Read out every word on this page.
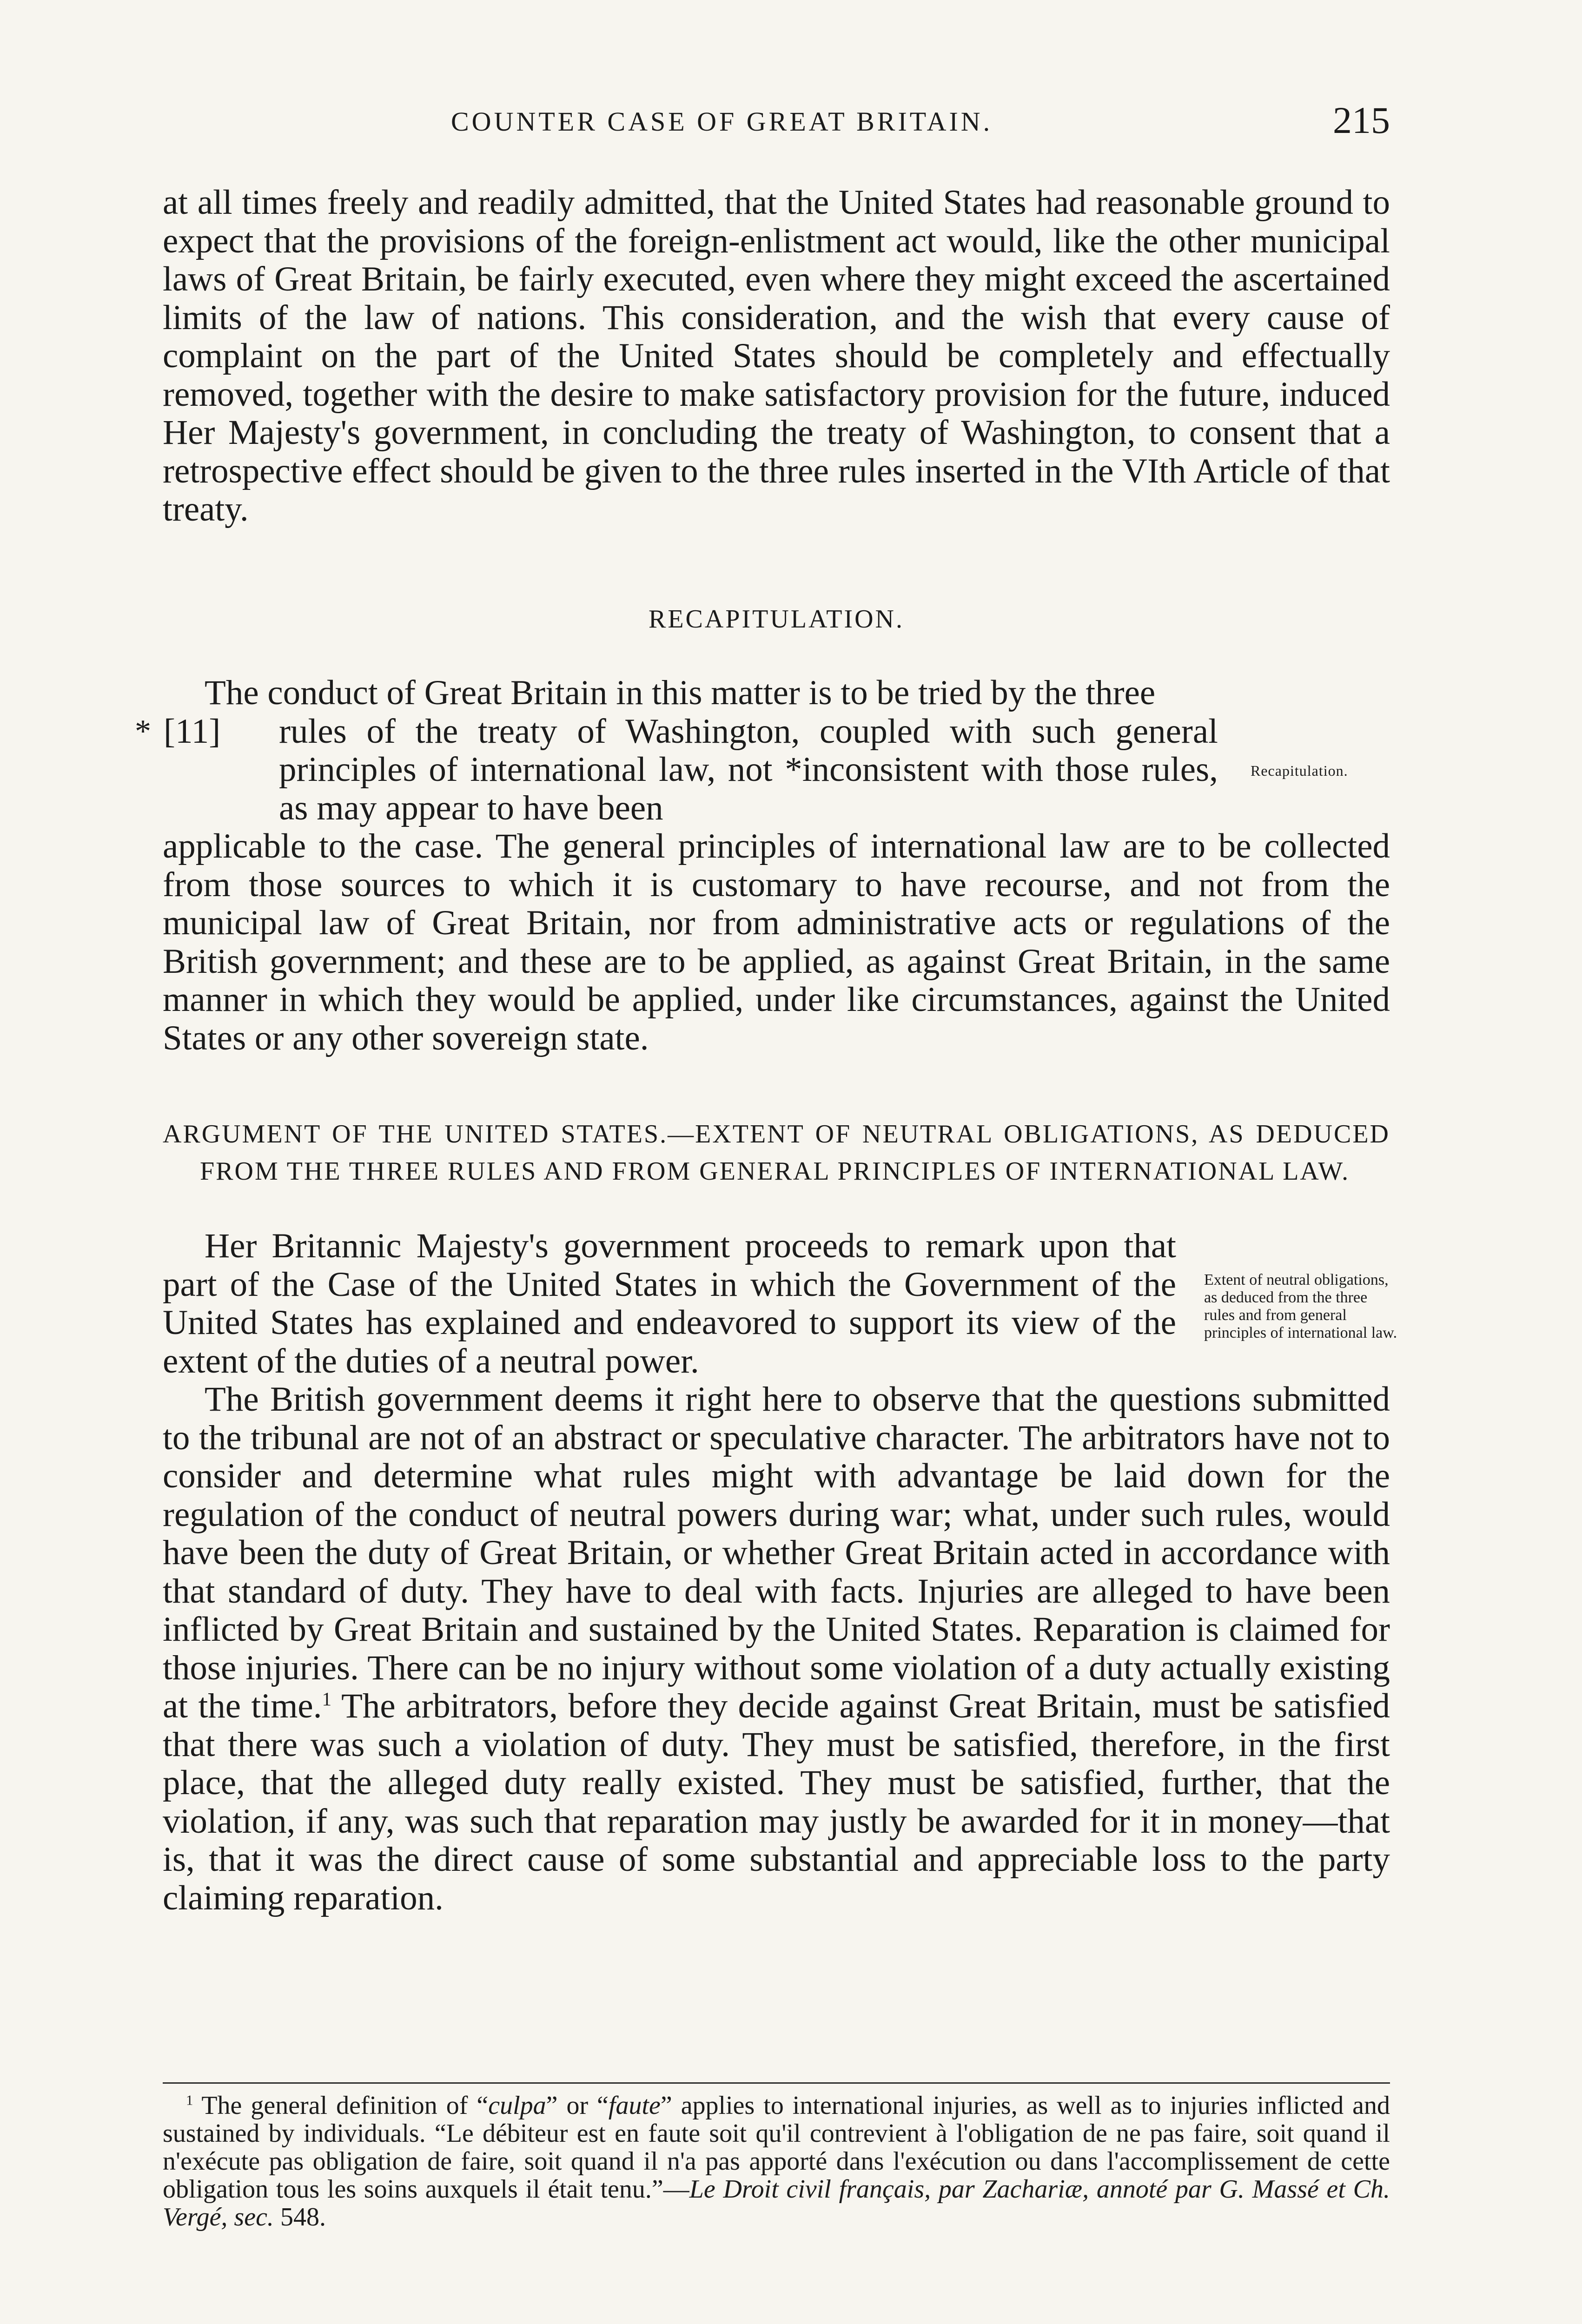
COUNTER CASE OF GREAT BRITAIN.	215

at all times freely and readily admitted, that the United States had reasonable ground to expect that the provisions of the foreign-enlistment act would, like the other municipal laws of Great Britain, be fairly executed, even where they might exceed the ascertained limits of the law of nations. This consideration, and the wish that every cause of complaint on the part of the United States should be completely and effectually removed, together with the desire to make satisfactory provision for the future, induced Her Majesty's government, in concluding the treaty of Washington, to consent that a retrospective effect should be given to the three rules inserted in the VIth Article of that treaty.

RECAPITULATION.
Recapitulation.

The conduct of Great Britain in this matter is to be tried by the three

* [11] rules of the treaty of Washington, coupled with such general principles of international law, not *inconsistent with those rules, as may appear to have been

applicable to the case. The general principles of international law are to be collected from those sources to which it is customary to have recourse, and not from the municipal law of Great Britain, nor from administrative acts or regulations of the British government; and these are to be applied, as against Great Britain, in the same manner in which they would be applied, under like circumstances, against the United States or any other sovereign state.

ARGUMENT OF THE UNITED STATES.—EXTENT OF NEUTRAL OBLIGATIONS, AS DEDUCED FROM THE THREE RULES AND FROM GENERAL PRINCIPLES OF INTERNATIONAL LAW.

Extent of neutral obligations, as deduced from the three rules and from general principles of international law.

Her Britannic Majesty's government proceeds to remark upon that part of the Case of the United States in which the Government of the United States has explained and endeavored to support its view of the extent of the duties of a neutral power.

The British government deems it right here to observe that the questions submitted to the tribunal are not of an abstract or speculative character. The arbitrators have not to consider and determine what rules might with advantage be laid down for the regulation of the conduct of neutral powers during war; what, under such rules, would have been the duty of Great Britain, or whether Great Britain acted in accordance with that standard of duty. They have to deal with facts. Injuries are alleged to have been inflicted by Great Britain and sustained by the United States. Reparation is claimed for those injuries. There can be no injury without some violation of a duty actually existing at the time.$^1$ The arbitrators, before they decide against Great Britain, must be satisfied that there was such a violation of duty. They must be satisfied, therefore, in the first place, that the alleged duty really existed. They must be satisfied, further, that the violation, if any, was such that reparation may justly be awarded for it in money—that is, that it was the direct cause of some substantial and appreciable loss to the party claiming reparation.

$^1$ The general definition of “culpa” or “faute” applies to international injuries, as well as to injuries inflicted and sustained by individuals. “Le débiteur est en faute soit qu'il contrevient à l'obligation de ne pas faire, soit quand il n'exécute pas obligation de faire, soit quand il n'a pas apporté dans l'exécution ou dans l'accomplissement de cette obligation tous les soins auxquels il était tenu.”—Le Droit civil français, par Zachariæ, annoté par G. Massé et Ch. Vergé, sec. 548.
